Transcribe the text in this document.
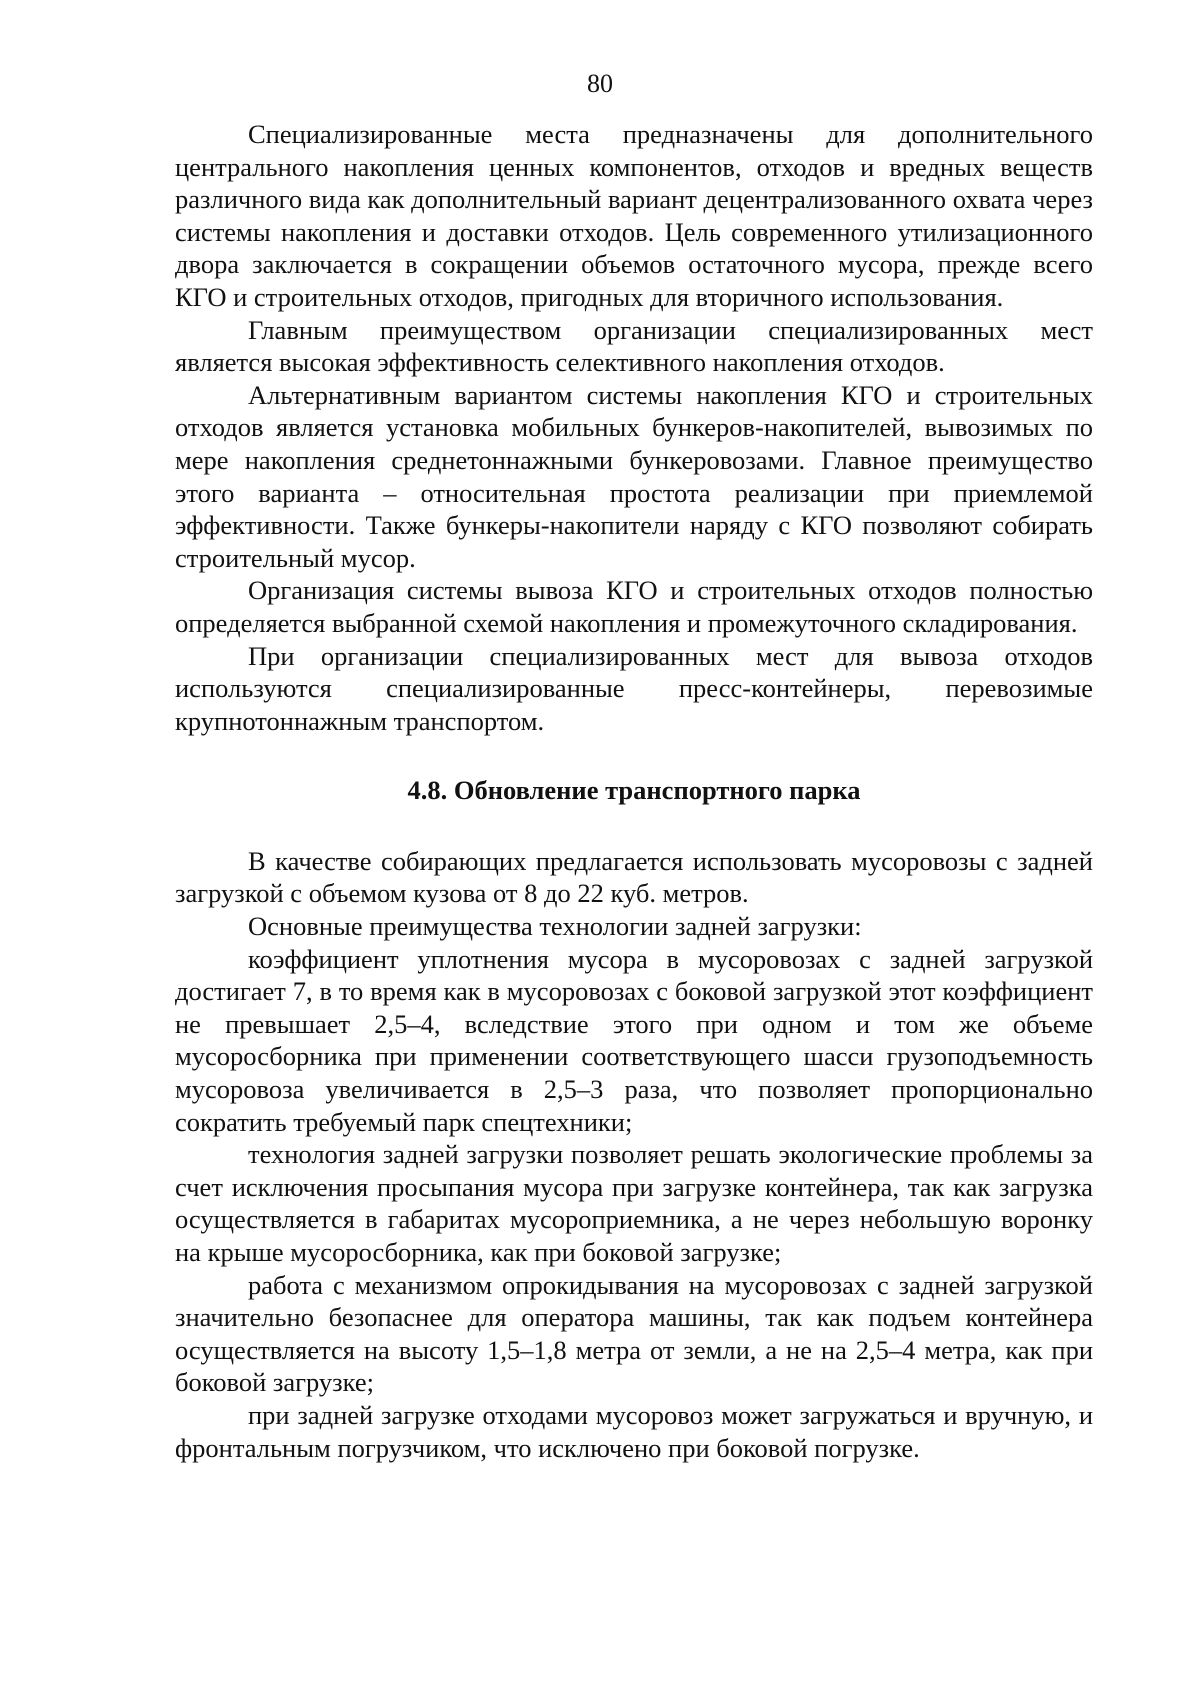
80

Специализированные места предназначены для дополнительного центрального накопления ценных компонентов, отходов и вредных веществ различного вида как дополнительный вариант децентрализованного охвата через системы накопления и доставки отходов. Цель современного утилизационного двора заключается в сокращении объемов остаточного мусора, прежде всего КГО и строительных отходов, пригодных для вторичного использования.

Главным преимуществом организации специализированных мест является высокая эффективность селективного накопления отходов.

Альтернативным вариантом системы накопления КГО и строительных отходов является установка мобильных бункеров-накопителей, вывозимых по мере накопления среднетоннажными бункеровозами. Главное преимущество этого варианта – относительная простота реализации при приемлемой эффективности. Также бункеры-накопители наряду с КГО позволяют собирать строительный мусор.

Организация системы вывоза КГО и строительных отходов полностью определяется выбранной схемой накопления и промежуточного складирования.

При организации специализированных мест для вывоза отходов используются специализированные пресс-контейнеры, перевозимые крупнотоннажным транспортом.

4.8. Обновление транспортного парка

В качестве собирающих предлагается использовать мусоровозы с задней загрузкой с объемом кузова от 8 до 22 куб. метров.

Основные преимущества технологии задней загрузки:

коэффициент уплотнения мусора в мусоровозах с задней загрузкой достигает 7, в то время как в мусоровозах с боковой загрузкой этот коэффициент не превышает 2,5–4, вследствие этого при одном и том же объеме мусоросборника при применении соответствующего шасси грузоподъемность мусоровоза увеличивается в 2,5–3 раза, что позволяет пропорционально сократить требуемый парк спецтехники;

технология задней загрузки позволяет решать экологические проблемы за счет исключения просыпания мусора при загрузке контейнера, так как загрузка осуществляется в габаритах мусороприемника, а не через небольшую воронку на крыше мусоросборника, как при боковой загрузке;

работа с механизмом опрокидывания на мусоровозах с задней загрузкой значительно безопаснее для оператора машины, так как подъем контейнера осуществляется на высоту 1,5–1,8 метра от земли, а не на 2,5–4 метра, как при боковой загрузке;

при задней загрузке отходами мусоровоз может загружаться и вручную, и фронтальным погрузчиком, что исключено при боковой погрузке.
